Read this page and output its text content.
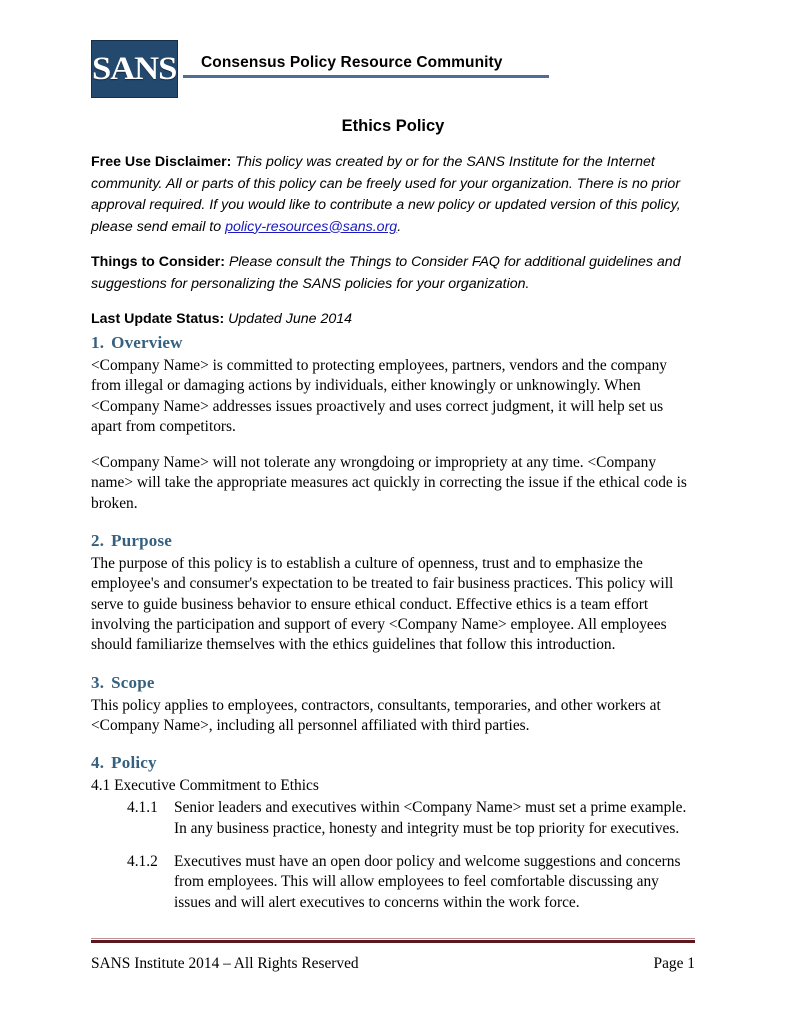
SANS Consensus Policy Resource Community
Ethics Policy

Free Use Disclaimer: This policy was created by or for the SANS Institute for the Internet community. All or parts of this policy can be freely used for your organization. There is no prior approval required. If you would like to contribute a new policy or updated version of this policy, please send email to policy-resources@sans.org.

Things to Consider: Please consult the Things to Consider FAQ for additional guidelines and suggestions for personalizing the SANS policies for your organization.

Last Update Status: Updated June 2014

1. Overview

<Company Name> is committed to protecting employees, partners, vendors and the company from illegal or damaging actions by individuals, either knowingly or unknowingly. When <Company Name> addresses issues proactively and uses correct judgment, it will help set us apart from competitors.

<Company Name> will not tolerate any wrongdoing or impropriety at any time. <Company name> will take the appropriate measures act quickly in correcting the issue if the ethical code is broken.

2. Purpose

The purpose of this policy is to establish a culture of openness, trust and to emphasize the employee's and consumer's expectation to be treated to fair business practices. This policy will serve to guide business behavior to ensure ethical conduct. Effective ethics is a team effort involving the participation and support of every <Company Name> employee. All employees should familiarize themselves with the ethics guidelines that follow this introduction.

3. Scope

This policy applies to employees, contractors, consultants, temporaries, and other workers at <Company Name>, including all personnel affiliated with third parties.

4. Policy
4.1 Executive Commitment to Ethics
4.1.1	Senior leaders and executives within <Company Name> must set a prime example. In any business practice, honesty and integrity must be top priority for executives.
4.1.2	Executives must have an open door policy and welcome suggestions and concerns from employees. This will allow employees to feel comfortable discussing any issues and will alert executives to concerns within the work force.
SANS Institute 2014 – All Rights Reserved	Page 1
